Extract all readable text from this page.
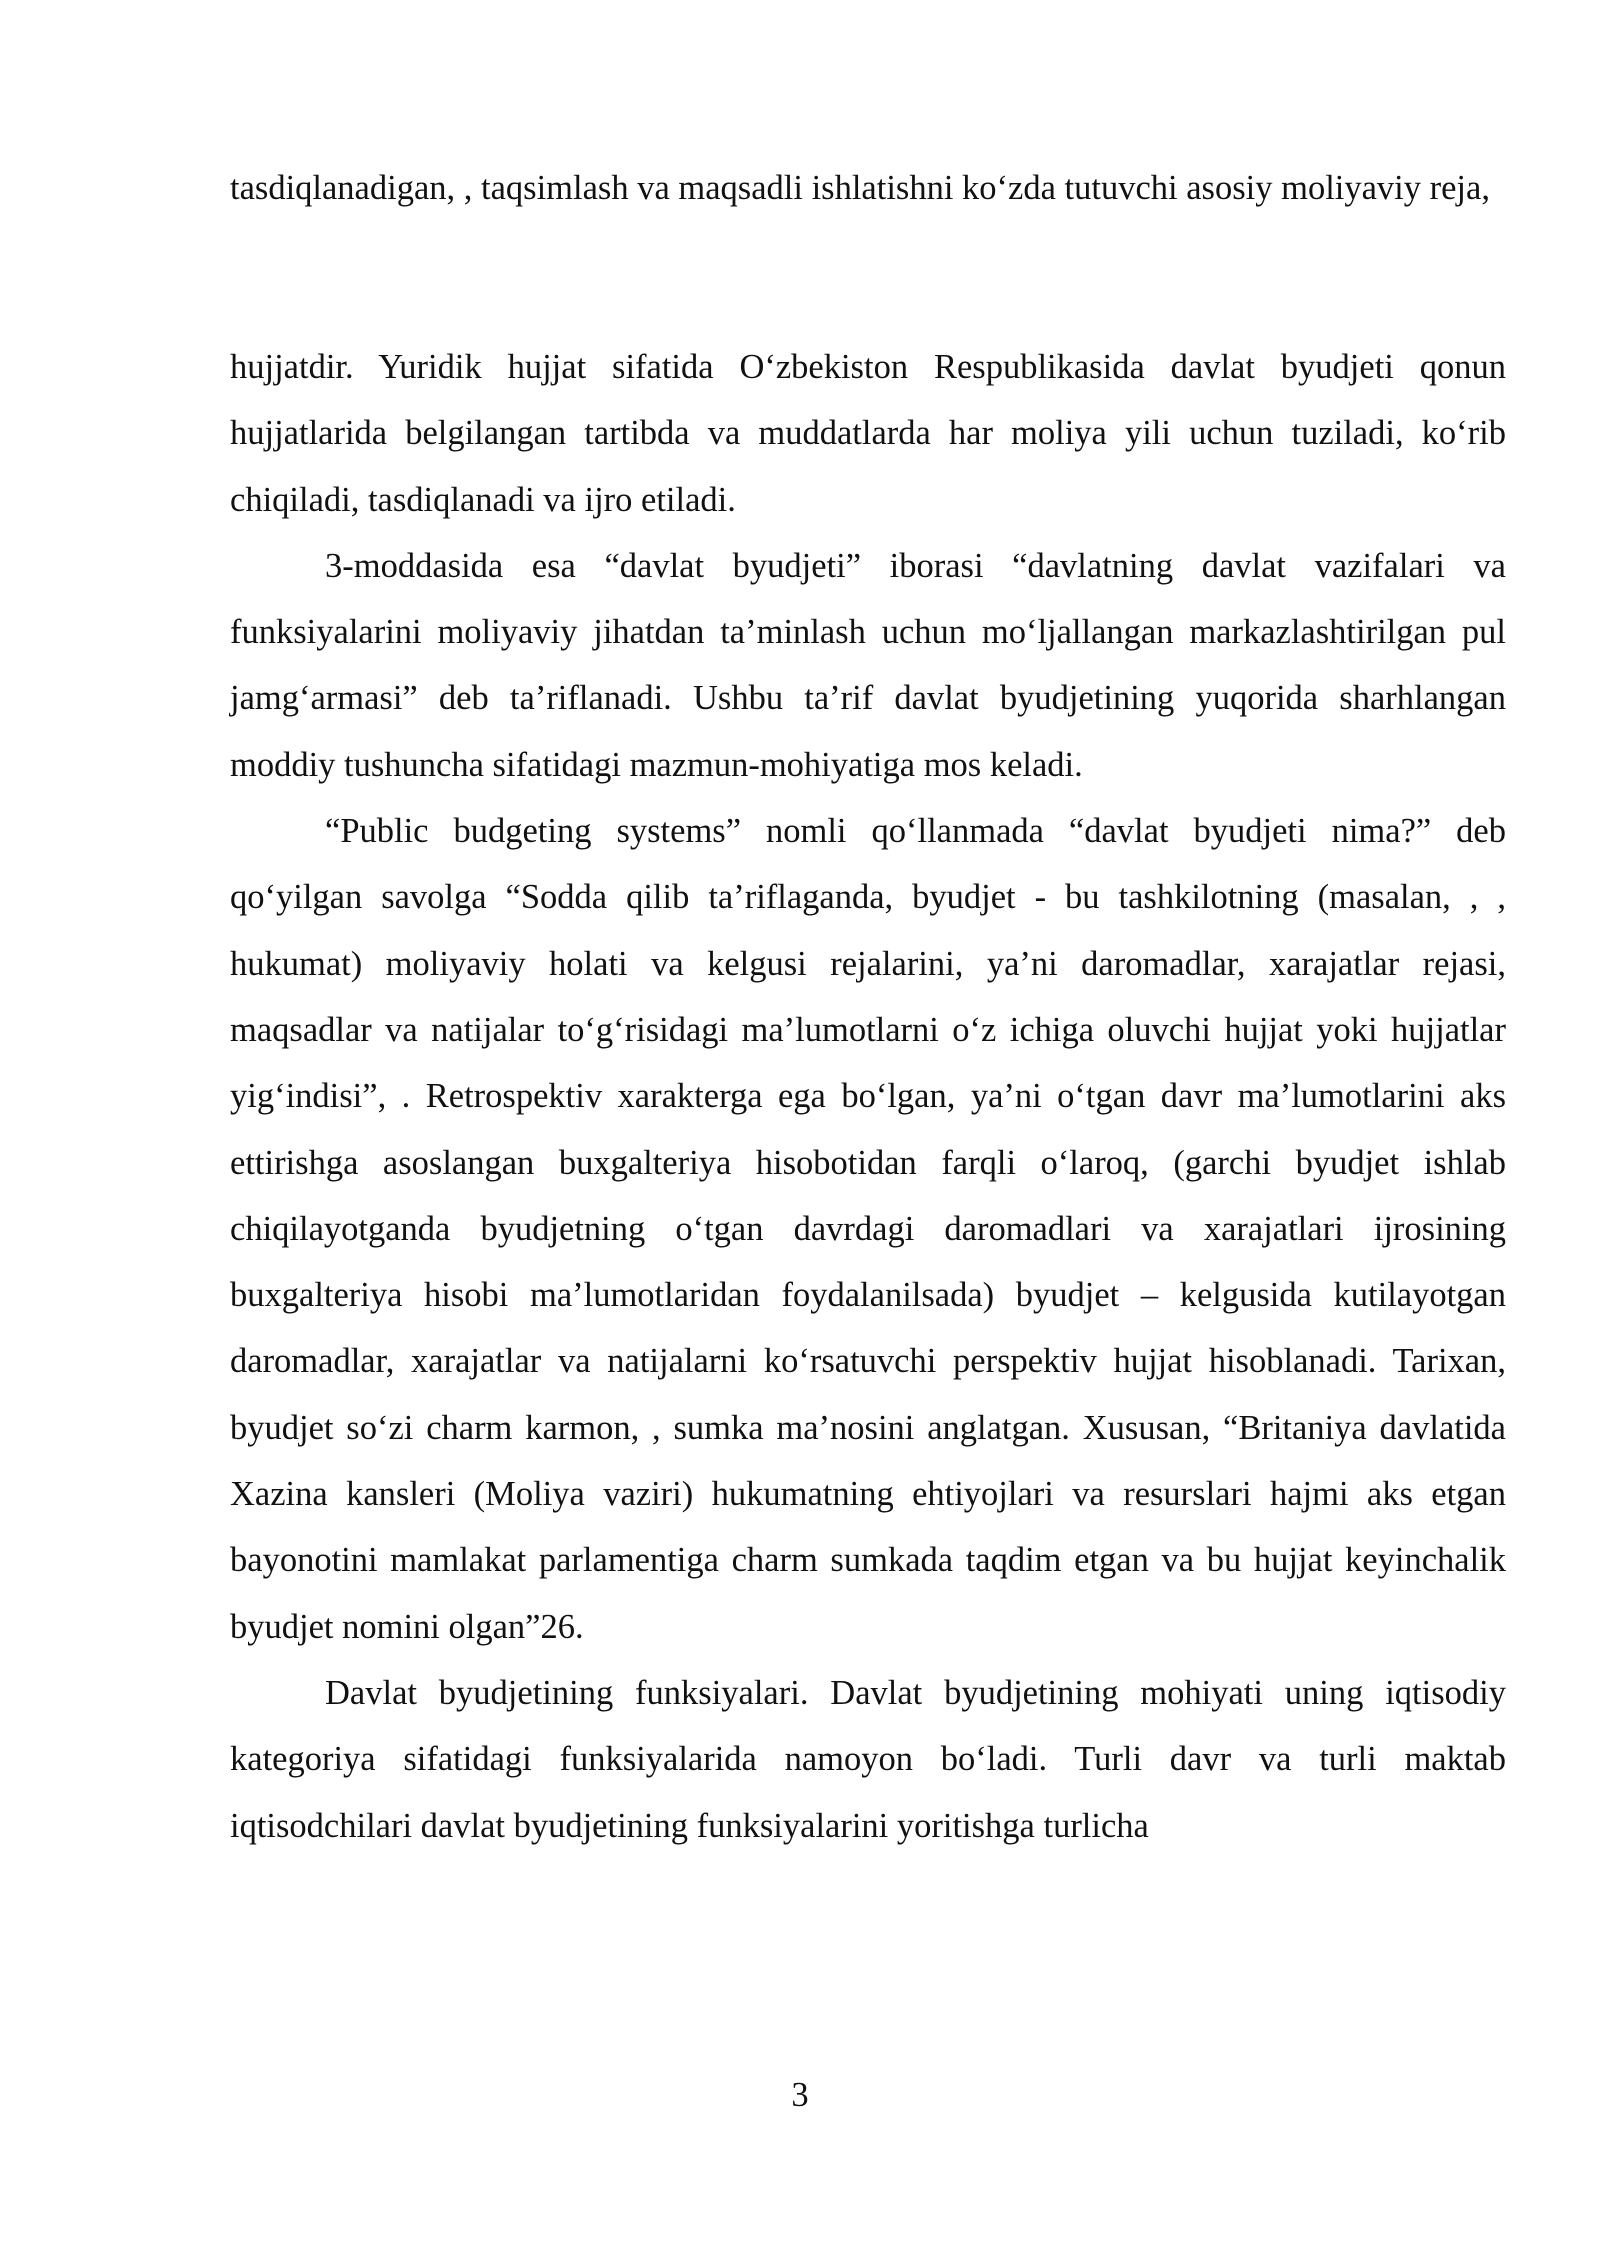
tasdiqlanadigan, , taqsimlash va maqsadli ishlatishni ko‘zda tutuvchi asosiy moliyaviy reja,

hujjatdir. Yuridik hujjat sifatida O‘zbekiston Respublikasida davlat byudjeti qonun hujjatlarida belgilangan tartibda va muddatlarda har moliya yili uchun tuziladi, ko‘rib chiqiladi, tasdiqlanadi va ijro etiladi.

3-moddasida esa “davlat byudjeti” iborasi “davlatning davlat vazifalari va funksiyalarini moliyaviy jihatdan ta’minlash uchun mo‘ljallangan markazlashtirilgan pul jamg‘armasi” deb ta’riflanadi. Ushbu ta’rif davlat byudjetining yuqorida sharhlangan moddiy tushuncha sifatidagi mazmun-mohiyatiga mos keladi.

“Public budgeting systems” nomli qo‘llanmada “davlat byudjeti nima?” deb qo‘yilgan savolga “Sodda qilib ta’riflaganda, byudjet - bu tashkilotning (masalan, , , hukumat) moliyaviy holati va kelgusi rejalarini, ya’ni daromadlar, xarajatlar rejasi, maqsadlar va natijalar to‘g‘risidagi ma’lumotlarni o‘z ichiga oluvchi hujjat yoki hujjatlar yig‘indisi”, . Retrospektiv xarakterga ega bo‘lgan, ya’ni o‘tgan davr ma’lumotlarini aks ettirishga asoslangan buxgalteriya hisobotidan farqli o‘laroq, (garchi byudjet ishlab chiqilayotganda byudjetning o‘tgan davrdagi daromadlari va xarajatlari ijrosining buxgalteriya hisobi ma’lumotlaridan foydalanilsada) byudjet – kelgusida kutilayotgan daromadlar, xarajatlar va natijalarni ko‘rsatuvchi perspektiv hujjat hisoblanadi. Tarixan, byudjet so‘zi charm karmon, , sumka ma’nosini anglatgan. Xususan, “Britaniya davlatida Xazina kansleri (Moliya vaziri) hukumatning ehtiyojlari va resurslari hajmi aks etgan bayonotini mamlakat parlamentiga charm sumkada taqdim etgan va bu hujjat keyinchalik byudjet nomini olgan”26.

Davlat byudjetining funksiyalari. Davlat byudjetining mohiyati uning iqtisodiy kategoriya sifatidagi funksiyalarida namoyon bo‘ladi. Turli davr va turli maktab iqtisodchilari davlat byudjetining funksiyalarini yoritishga turlicha

3
